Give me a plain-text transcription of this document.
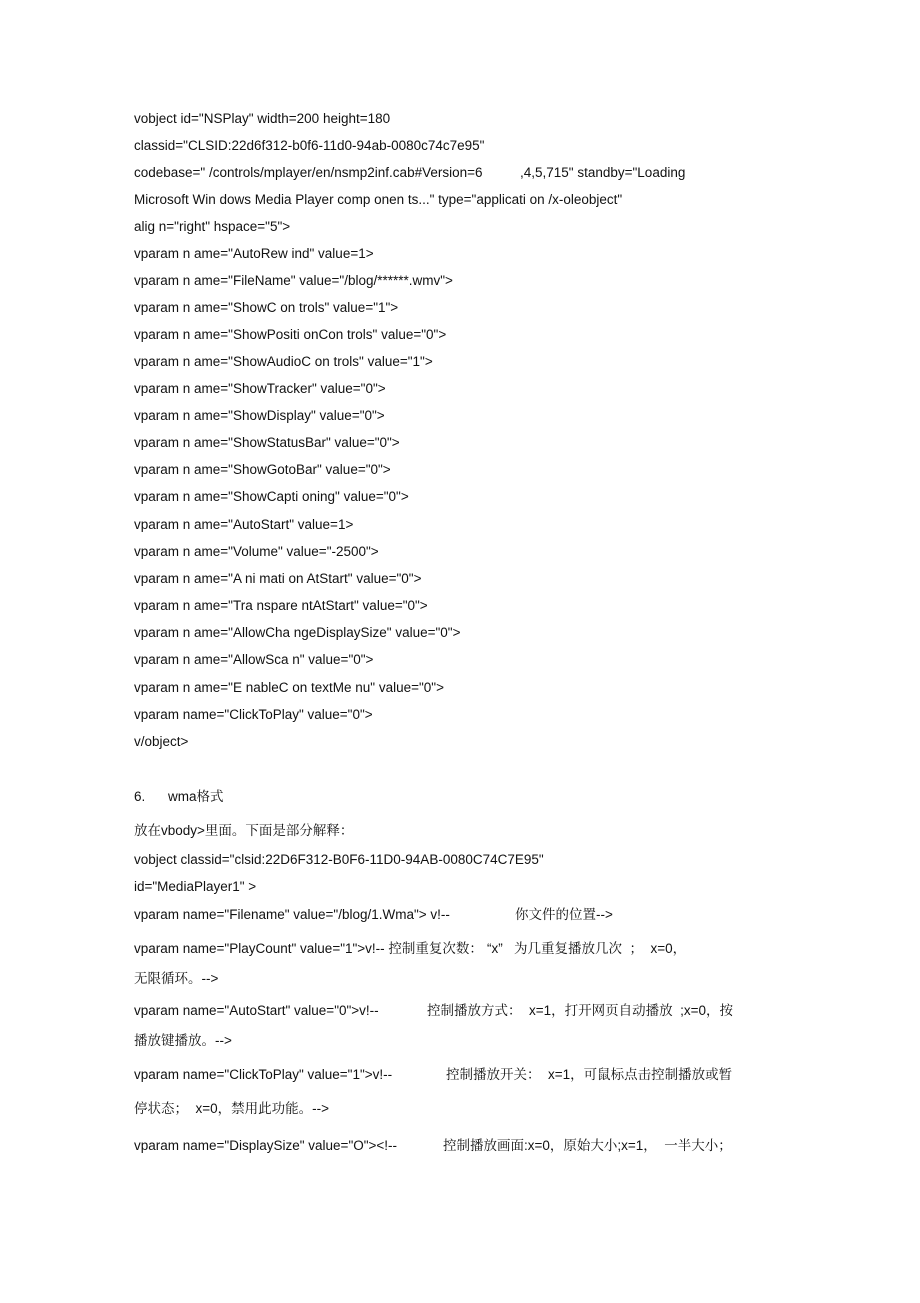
vobject id="NSPlay" width=200 height=180
classid="CLSID:22d6f312-b0f6-11d0-94ab-0080c74c7e95"
codebase=" /controls/mplayer/en/nsmp2inf.cab#Version=6          ,4,5,715" standby="Loading
Microsoft Win dows Media Player comp onen ts..." type="applicati on /x-oleobject"
alig n="right" hspace="5">
vparam n ame="AutoRew ind" value=1>
vparam n ame="FileName" value="/blog/******.wmv">
vparam n ame="ShowC on trols" value="1">
vparam n ame="ShowPositi onCon trols" value="0">
vparam n ame="ShowAudioC on trols" value="1">
vparam n ame="ShowTracker" value="0">
vparam n ame="ShowDisplay" value="0">
vparam n ame="ShowStatusBar" value="0">
vparam n ame="ShowGotoBar" value="0">
vparam n ame="ShowCapti oning" value="0">
vparam n ame="AutoStart" value=1>
vparam n ame="Volume" value="-2500">
vparam n ame="A ni mati on AtStart" value="0">
vparam n ame="Tra nspare ntAtStart" value="0">
vparam n ame="AllowCha ngeDisplaySize" value="0">
vparam n ame="AllowSca n" value="0">
vparam n ame="E nableC on textMe nu" value="0">
vparam name="ClickToPlay" value="0">
v/object>
6. wma格式
放在vbody>里面。下面是部分解释：
vobject classid="clsid:22D6F312-B0F6-11D0-94AB-0080C74C7E95"
id="MediaPlayer1" >
vparam name="Filename" value="/blog/1.Wma"> v!--	你文件的位置-->
vparam name="PlayCount" value="1">v!-- 控制重复次数： “x”   为几重复播放几次  ；  x=0，
无限循环。-->
vparam name="AutoStart" value="0">v!--	控制播放方式：  x=1，打开网页自动播放  ;x=0，按
播放键播放。-->
vparam name="ClickToPlay" value="1">v!--	控制播放开关：  x=1，可鼠标点击控制播放或暂
停状态；  x=0，禁用此功能。-->
vparam name="DisplaySize" value="O"><!--	控制播放画面:x=0，原始大小;x=1，  一半大小；
